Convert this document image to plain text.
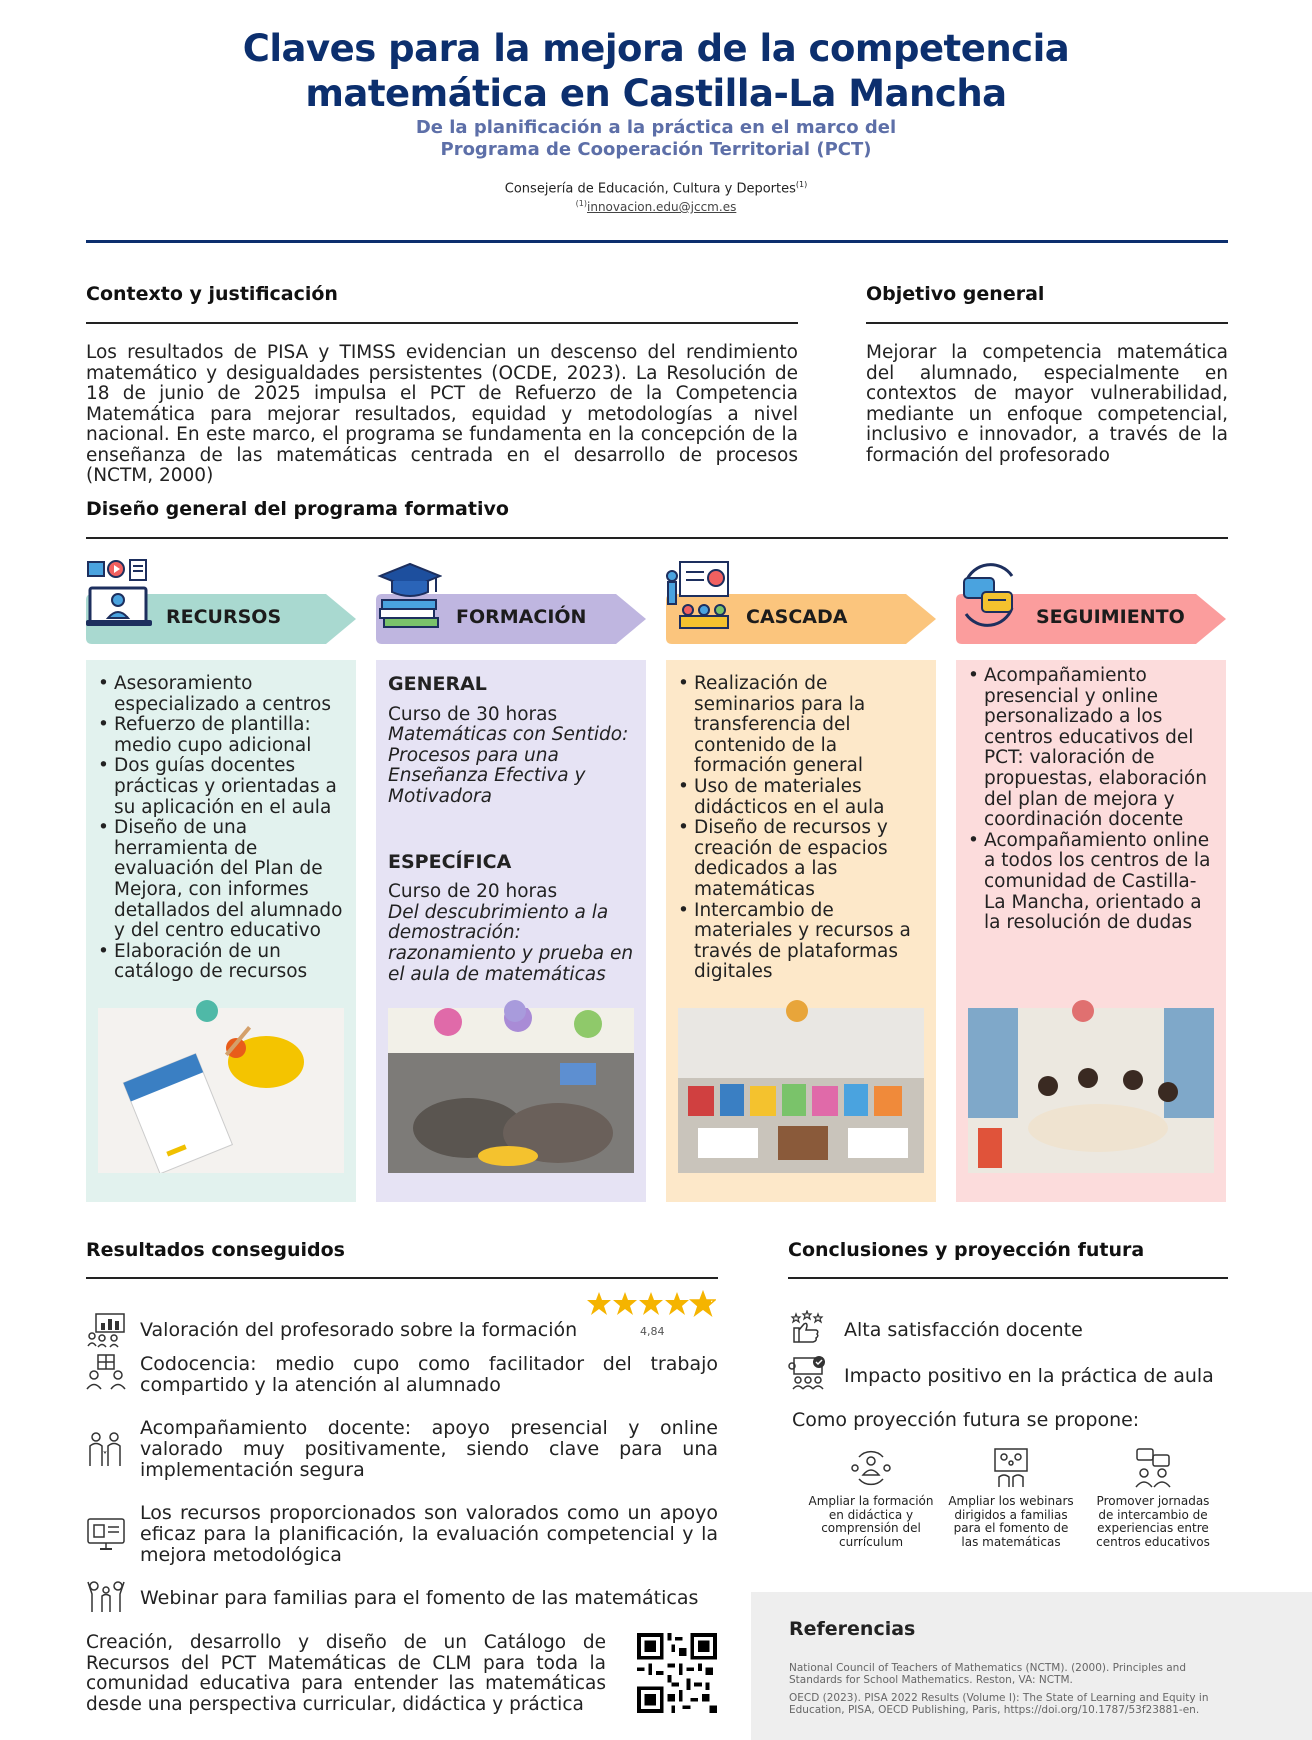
Claves para la mejora de la competencia
matemática en Castilla-La Mancha
De la planificación a la práctica en el marco del
Programa de Cooperación Territorial (PCT)
Consejería de Educación, Cultura y Deportes$^{(1)}$
$^{(1)}$innovacion.edu@jccm.es
Contexto y justificación
Los resultados de PISA y TIMSS evidencian un descenso del rendimiento matemático y desigualdades persistentes (OCDE, 2023). La Resolución de 18 de junio de 2025 impulsa el PCT de Refuerzo de la Competencia Matemática para mejorar resultados, equidad y metodologías a nivel nacional. En este marco, el programa se fundamenta en la concepción de la enseñanza de las matemáticas centrada en el desarrollo de procesos (NCTM, 2000)
Objetivo general
Mejorar la competencia matemática del alumnado, especialmente en contextos de mayor vulnerabilidad, mediante un enfoque competencial, inclusivo e innovador, a través de la formación del profesorado
Diseño general del programa formativo
RECURSOS
• Asesoramiento especializado a centros
• Refuerzo de plantilla: medio cupo adicional
• Dos guías docentes prácticas y orientadas a su aplicación en el aula
• Diseño de una herramienta de evaluación del Plan de Mejora, con informes detallados del alumnado y del centro educativo
• Elaboración de un catálogo de recursos
FORMACIÓN
GENERAL
Curso de 30 horas
Matemáticas con Sentido: Procesos para una Enseñanza Efectiva y Motivadora
ESPECÍFICA
Curso de 20 horas
Del descubrimiento a la demostración: razonamiento y prueba en el aula de matemáticas
CASCADA
• Realización de seminarios para la transferencia del contenido de la formación general
• Uso de materiales didácticos en el aula
• Diseño de recursos y creación de espacios dedicados a las matemáticas
• Intercambio de materiales y recursos a través de plataformas digitales
SEGUIMIENTO
• Acompañamiento presencial y online personalizado a los centros educativos del PCT: valoración de propuestas, elaboración del plan de mejora y coordinación docente
• Acompañamiento online a todos los centros de la comunidad de Castilla-La Mancha, orientado a la resolución de dudas
Resultados conseguidos
Valoración del profesorado sobre la formación	4,84
Codocencia: medio cupo como facilitador del trabajo compartido y la atención al alumnado
Acompañamiento docente: apoyo presencial y online valorado muy positivamente, siendo clave para una implementación segura
Los recursos proporcionados son valorados como un apoyo eficaz para la planificación, la evaluación competencial y la mejora metodológica
Webinar para familias para el fomento de las matemáticas
Creación, desarrollo y diseño de un Catálogo de Recursos del PCT Matemáticas de CLM para toda la comunidad educativa para entender las matemáticas desde una perspectiva curricular, didáctica y práctica
Conclusiones y proyección futura
Alta satisfacción docente
Impacto positivo en la práctica de aula
Como proyección futura se propone:
Ampliar la formación en didáctica y comprensión del currículum
Ampliar los webinars dirigidos a familias para el fomento de las matemáticas
Promover jornadas de intercambio de experiencias entre centros educativos
Referencias
National Council of Teachers of Mathematics (NCTM). (2000). Principles and Standards for School Mathematics. Reston, VA: NCTM.
OECD (2023). PISA 2022 Results (Volume I): The State of Learning and Equity in Education, PISA, OECD Publishing, Paris, https://doi.org/10.1787/53f23881-en.
